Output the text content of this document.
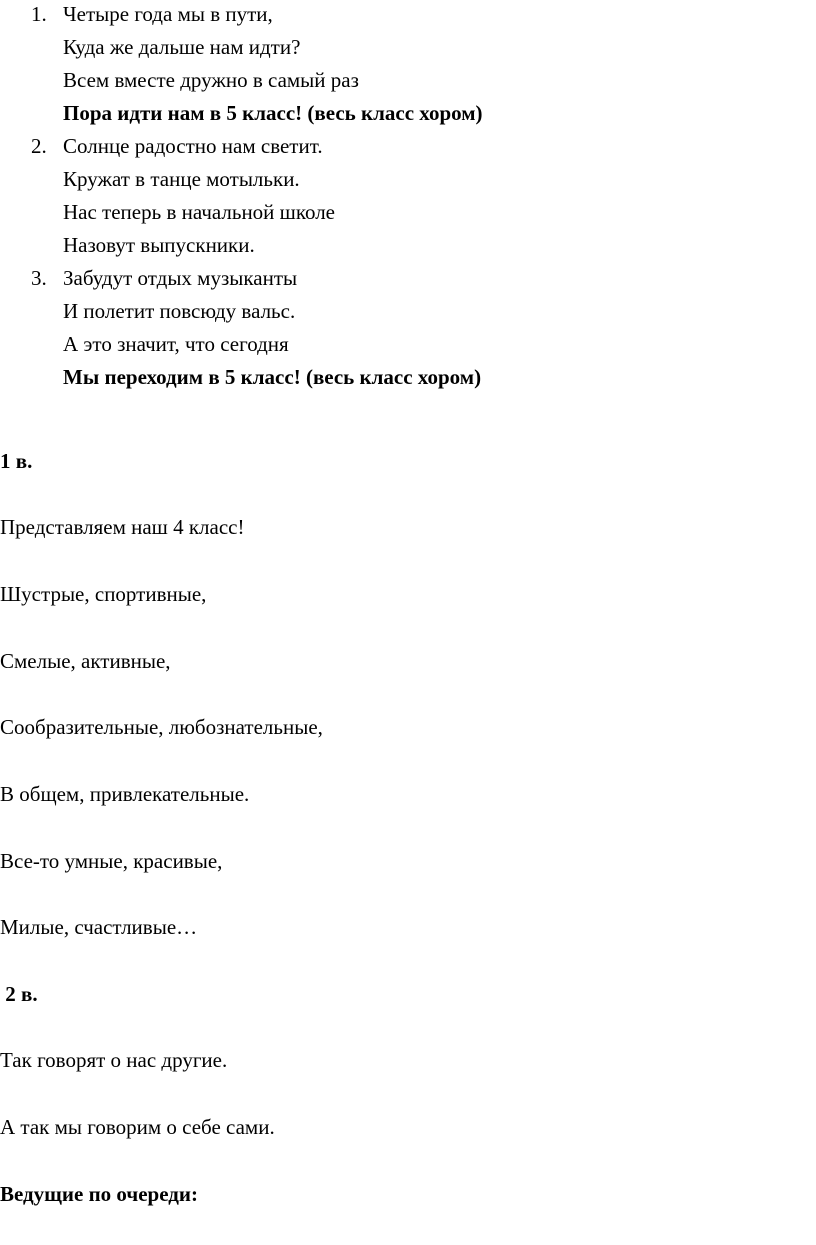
1. Четыре года мы в пути,
Куда же дальше нам идти?
Всем вместе дружно в самый раз
Пора идти нам в 5 класс! (весь класс хором)
2. Солнце радостно нам светит.
Кружат в танце мотыльки.
Нас теперь в начальной школе
Назовут выпускники.
3. Забудут отдых музыканты
И полетит повсюду вальс.
А это значит, что сегодня
Мы переходим в 5 класс! (весь класс хором)
1 в.
Представляем наш 4 класс!
Шустрые, спортивные,
Смелые, активные,
Сообразительные, любознательные,
В общем, привлекательные.
Все-то умные, красивые,
Милые, счастливые…
2 в.
Так говорят о нас другие.
А так мы говорим о себе сами.
Ведущие по очереди:
